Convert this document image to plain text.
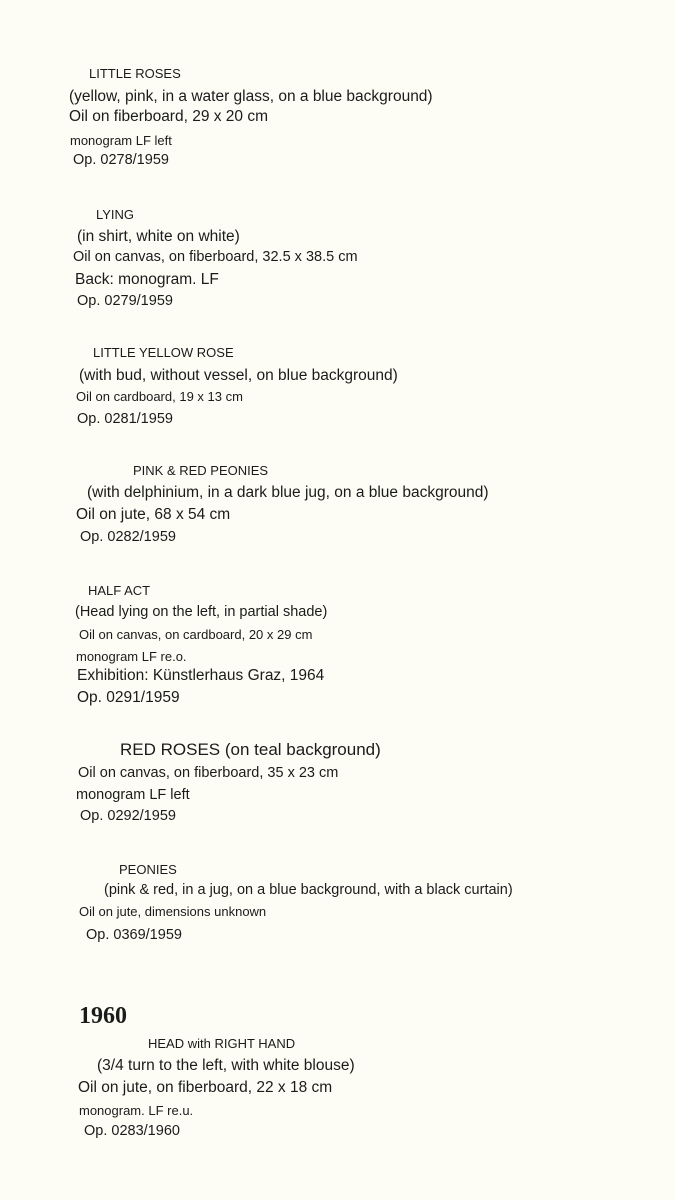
LITTLE ROSES
(yellow, pink, in a water glass, on a blue background)
Oil on fiberboard, 29 x 20 cm
monogram LF left
Op. 0278/1959
LYING
(in shirt, white on white)
Oil on canvas, on fiberboard, 32.5 x 38.5 cm
Back: monogram. LF
Op. 0279/1959
LITTLE YELLOW ROSE
(with bud, without vessel, on blue background)
Oil on cardboard, 19 x 13 cm
Op. 0281/1959
PINK & RED PEONIES
(with delphinium, in a dark blue jug, on a blue background)
Oil on jute, 68 x 54 cm
Op. 0282/1959
HALF ACT
(Head lying on the left, in partial shade)
Oil on canvas, on cardboard, 20 x 29 cm
monogram LF re.o.
Exhibition: Künstlerhaus Graz, 1964
Op. 0291/1959
RED ROSES (on teal background)
Oil on canvas, on fiberboard, 35 x 23 cm
monogram LF left
Op. 0292/1959
PEONIES
(pink & red, in a jug, on a blue background, with a black curtain)
Oil on jute, dimensions unknown
Op. 0369/1959
1960
HEAD with RIGHT HAND
(3/4 turn to the left, with white blouse)
Oil on jute, on fiberboard, 22 x 18 cm
monogram. LF re.u.
Op. 0283/1960
